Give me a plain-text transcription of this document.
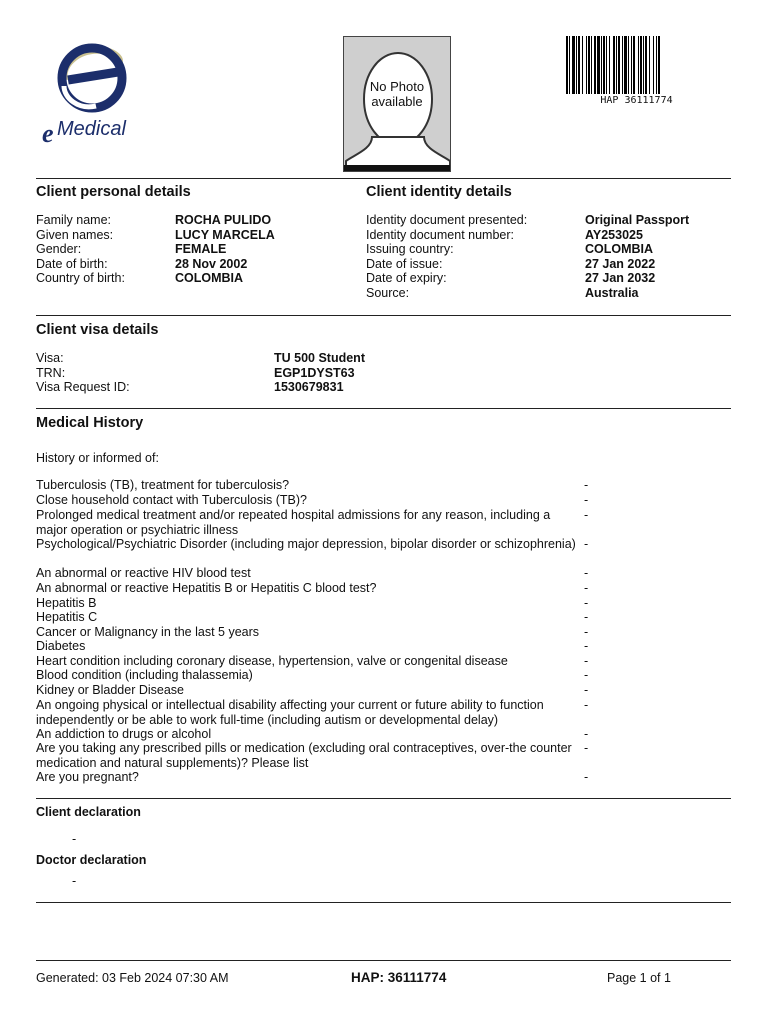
e Medical
No Photo
available	HAP 36111774
Client personal details
Family name:	ROCHA PULIDO
Given names:	LUCY MARCELA
Gender:	FEMALE
Date of birth:	28 Nov 2002
Country of birth:	COLOMBIA
Client identity details
Identity document presented:	Original Passport
Identity document number:	AY253025
Issuing country:	COLOMBIA
Date of issue:	27 Jan 2022
Date of expiry:	27 Jan 2032
Source:	Australia
Client visa details
Visa:	TU 500 Student
TRN:	EGP1DYST63
Visa Request ID:	1530679831
Medical History
History or informed of:
Tuberculosis (TB), treatment for tuberculosis?	-
Close household contact with Tuberculosis (TB)?	-
Prolonged medical treatment and/or repeated hospital admissions for any reason, including a major operation or psychiatric illness
-
Psychological/Psychiatric Disorder (including major depression, bipolar disorder or schizophrenia) -
An abnormal or reactive HIV blood test	-
An abnormal or reactive Hepatitis B or Hepatitis C blood test?	-
Hepatitis B	-
Hepatitis C	-
Cancer or Malignancy in the last 5 years	-
Diabetes	-
Heart condition including coronary disease, hypertension, valve or congenital disease	-
Blood condition (including thalassemia)	-
Kidney or Bladder Disease	-
An ongoing physical or intellectual disability affecting your current or future ability to function independently or be able to work full-time (including autism or developmental delay)
-
An addiction to drugs or alcohol	-
Are you taking any prescribed pills or medication (excluding oral contraceptives, over-the counter medication and natural supplements)? Please list
-
Are you pregnant?	-
Client declaration
-
Doctor declaration
-
Generated: 03 Feb 2024 07:30 AM	HAP: 36111774	Page 1 of 1
